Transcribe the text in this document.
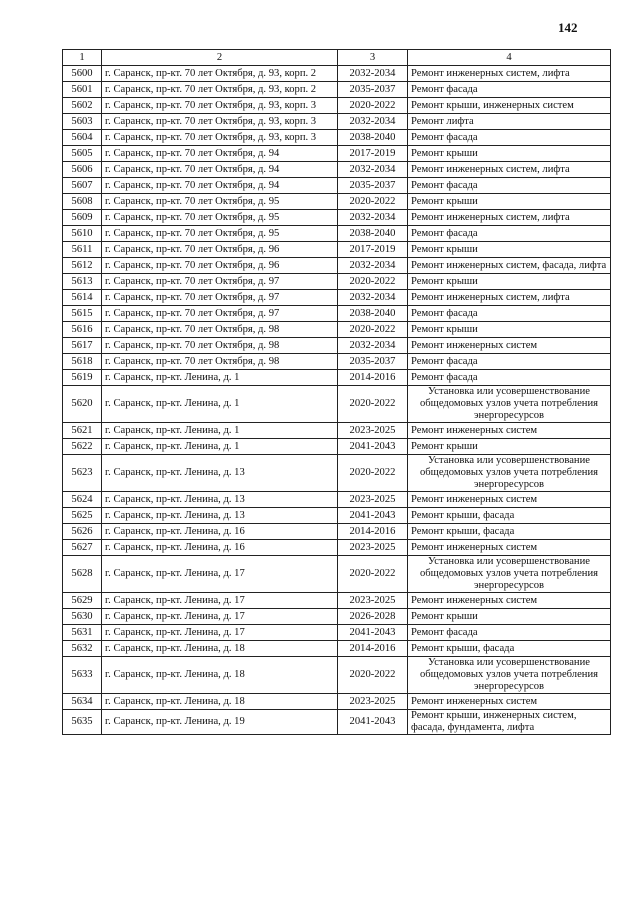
142
1	2	3	4
5600	г. Саранск, пр-кт. 70 лет Октября, д. 93, корп. 2	2032-2034	Ремонт инженерных систем, лифта
5601	г. Саранск, пр-кт. 70 лет Октября, д. 93, корп. 2	2035-2037	Ремонт фасада
5602	г. Саранск, пр-кт. 70 лет Октября, д. 93, корп. 3	2020-2022	Ремонт крыши, инженерных систем
5603	г. Саранск, пр-кт. 70 лет Октября, д. 93, корп. 3	2032-2034	Ремонт лифта
5604	г. Саранск, пр-кт. 70 лет Октября, д. 93, корп. 3	2038-2040	Ремонт фасада
5605	г. Саранск, пр-кт. 70 лет Октября, д. 94	2017-2019	Ремонт крыши
5606	г. Саранск, пр-кт. 70 лет Октября, д. 94	2032-2034	Ремонт инженерных систем, лифта
5607	г. Саранск, пр-кт. 70 лет Октября, д. 94	2035-2037	Ремонт фасада
5608	г. Саранск, пр-кт. 70 лет Октября, д. 95	2020-2022	Ремонт крыши
5609	г. Саранск, пр-кт. 70 лет Октября, д. 95	2032-2034	Ремонт инженерных систем, лифта
5610	г. Саранск, пр-кт. 70 лет Октября, д. 95	2038-2040	Ремонт фасада
5611	г. Саранск, пр-кт. 70 лет Октября, д. 96	2017-2019	Ремонт крыши
5612	г. Саранск, пр-кт. 70 лет Октября, д. 96	2032-2034	Ремонт инженерных систем, фасада, лифта
5613	г. Саранск, пр-кт. 70 лет Октября, д. 97	2020-2022	Ремонт крыши
5614	г. Саранск, пр-кт. 70 лет Октября, д. 97	2032-2034	Ремонт инженерных систем, лифта
5615	г. Саранск, пр-кт. 70 лет Октября, д. 97	2038-2040	Ремонт фасада
5616	г. Саранск, пр-кт. 70 лет Октября, д. 98	2020-2022	Ремонт крыши
5617	г. Саранск, пр-кт. 70 лет Октября, д. 98	2032-2034	Ремонт инженерных систем
5618	г. Саранск, пр-кт. 70 лет Октября, д. 98	2035-2037	Ремонт фасада
5619	г. Саранск, пр-кт. Ленина, д. 1	2014-2016	Ремонт фасада
5620	г. Саранск, пр-кт. Ленина, д. 1	2020-2022	Установка или усовершенствование общедомовых узлов учета потребления энергоресурсов
5621	г. Саранск, пр-кт. Ленина, д. 1	2023-2025	Ремонт инженерных систем
5622	г. Саранск, пр-кт. Ленина, д. 1	2041-2043	Ремонт крыши
5623	г. Саранск, пр-кт. Ленина, д. 13	2020-2022	Установка или усовершенствование общедомовых узлов учета потребления энергоресурсов
5624	г. Саранск, пр-кт. Ленина, д. 13	2023-2025	Ремонт инженерных систем
5625	г. Саранск, пр-кт. Ленина, д. 13	2041-2043	Ремонт крыши, фасада
5626	г. Саранск, пр-кт. Ленина, д. 16	2014-2016	Ремонт крыши, фасада
5627	г. Саранск, пр-кт. Ленина, д. 16	2023-2025	Ремонт инженерных систем
5628	г. Саранск, пр-кт. Ленина, д. 17	2020-2022	Установка или усовершенствование общедомовых узлов учета потребления энергоресурсов
5629	г. Саранск, пр-кт. Ленина, д. 17	2023-2025	Ремонт инженерных систем
5630	г. Саранск, пр-кт. Ленина, д. 17	2026-2028	Ремонт крыши
5631	г. Саранск, пр-кт. Ленина, д. 17	2041-2043	Ремонт фасада
5632	г. Саранск, пр-кт. Ленина, д. 18	2014-2016	Ремонт крыши, фасада
5633	г. Саранск, пр-кт. Ленина, д. 18	2020-2022	Установка или усовершенствование общедомовых узлов учета потребления энергоресурсов
5634	г. Саранск, пр-кт. Ленина, д. 18	2023-2025	Ремонт инженерных систем
5635	г. Саранск, пр-кт. Ленина, д. 19	2041-2043	Ремонт крыши, инженерных систем, фасада, фундамента, лифта
